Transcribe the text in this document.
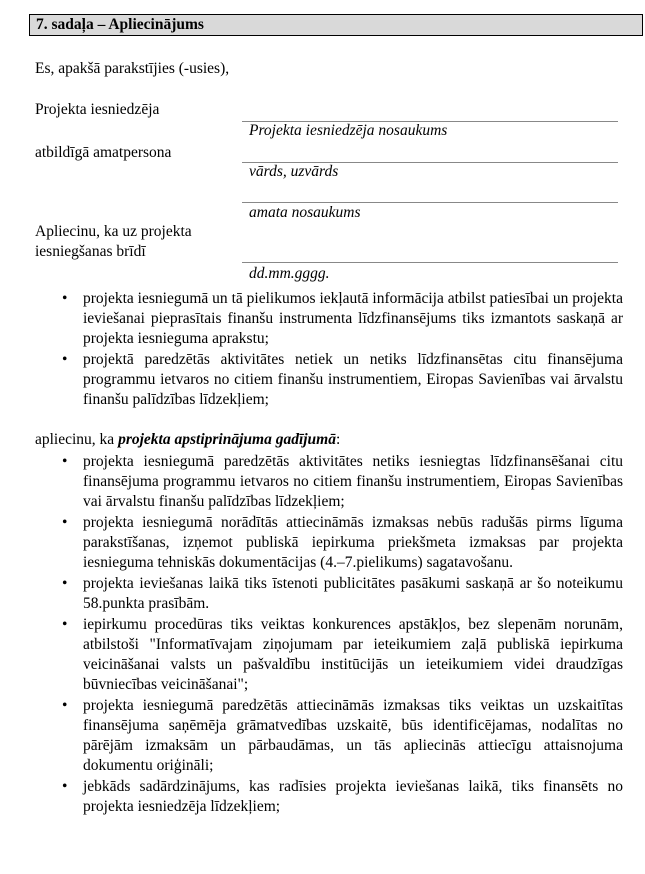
7. sadaļa – Apliecinājums
Es, apakšā parakstījies (-usies),
Projekta iesniedzēja
atbildīgā amatpersona
Apliecinu, ka uz projekta
iesniegšanas brīdī
Projekta iesniedzēja nosaukums
vārds, uzvārds
amata nosaukums
dd.mm.gggg.
• projekta iesniegumā un tā pielikumos iekļautā informācija atbilst patiesībai un projekta ieviešanai pieprasītais finanšu instrumenta līdzfinansējums tiks izmantots saskaņā ar projekta iesnieguma aprakstu;
• projektā paredzētās aktivitātes netiek un netiks līdzfinansētas citu finansējuma programmu ietvaros no citiem finanšu instrumentiem, Eiropas Savienības vai ārvalstu finanšu palīdzības līdzekļiem;
apliecinu, ka projekta apstiprinājuma gadījumā:
• projekta iesniegumā paredzētās aktivitātes netiks iesniegtas līdzfinansēšanai citu finansējuma programmu ietvaros no citiem finanšu instrumentiem, Eiropas Savienības vai ārvalstu finanšu palīdzības līdzekļiem;
• projekta iesniegumā norādītās attiecināmās izmaksas nebūs radušās pirms līguma parakstīšanas, izņemot publiskā iepirkuma priekšmeta izmaksas par projekta iesnieguma tehniskās dokumentācijas (4.–7.pielikums) sagatavošanu.
• projekta ieviešanas laikā tiks īstenoti publicitātes pasākumi saskaņā ar šo noteikumu 58.punkta prasībām.
• iepirkumu procedūras tiks veiktas konkurences apstākļos, bez slepenām norunām, atbilstoši "Informatīvajam ziņojumam par ieteikumiem zaļā publiskā iepirkuma veicināšanai valsts un pašvaldību institūcijās un ieteikumiem videi draudzīgas būvniecības veicināšanai";
• projekta iesniegumā paredzētās attiecināmās izmaksas tiks veiktas un uzskaitītas finansējuma saņēmēja grāmatvedības uzskaitē, būs identificējamas, nodalītas no pārējām izmaksām un pārbaudāmas, un tās apliecinās attiecīgu attaisnojuma dokumentu oriģināli;
• jebkāds sadārdzinājums, kas radīsies projekta ieviešanas laikā, tiks finansēts no projekta iesniedzēja līdzekļiem;
